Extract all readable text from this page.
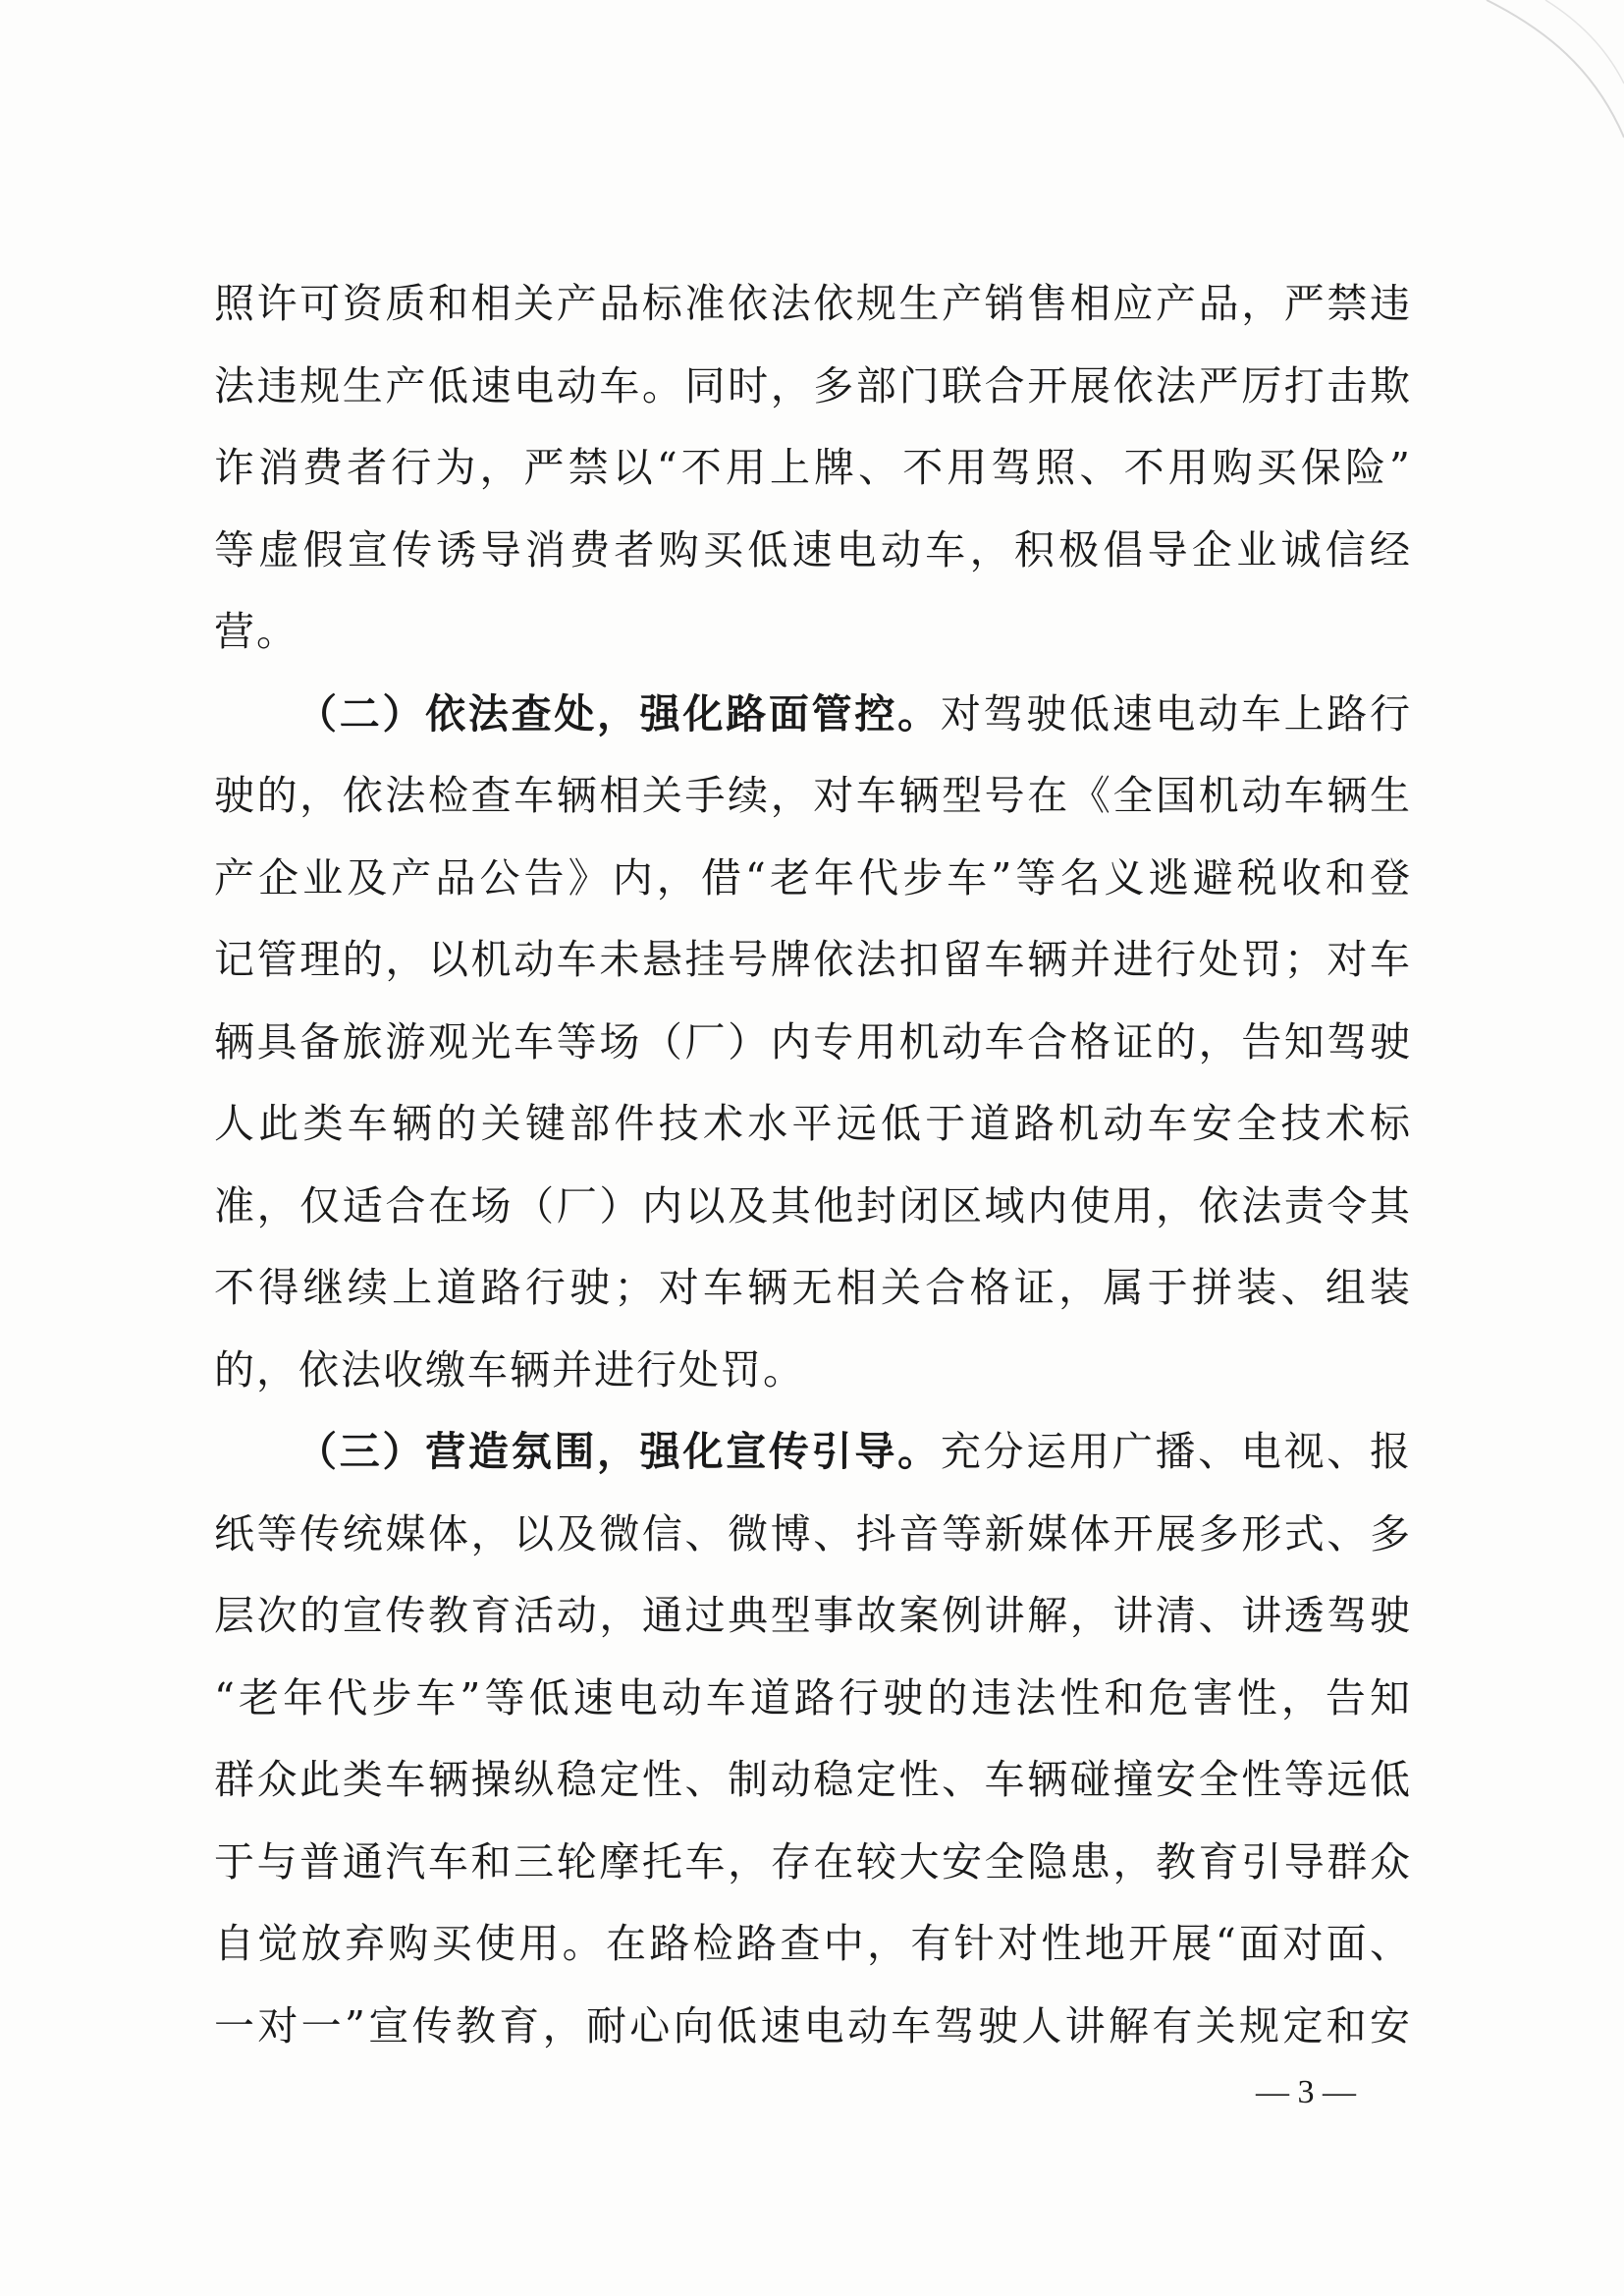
照许可资质和相关产品标准依法依规生产销售相应产品，严禁违
法违规生产低速电动车。同时，多部门联合开展依法严厉打击欺
诈消费者行为，严禁以“不用上牌、不用驾照、不用购买保险”
等虚假宣传诱导消费者购买低速电动车，积极倡导企业诚信经
营。
（二）依法查处，强化路面管控。对驾驶低速电动车上路行
驶的，依法检查车辆相关手续，对车辆型号在《全国机动车辆生
产企业及产品公告》内，借“老年代步车”等名义逃避税收和登
记管理的，以机动车未悬挂号牌依法扣留车辆并进行处罚；对车
辆具备旅游观光车等场（厂）内专用机动车合格证的，告知驾驶
人此类车辆的关键部件技术水平远低于道路机动车安全技术标
准，仅适合在场（厂）内以及其他封闭区域内使用，依法责令其
不得继续上道路行驶；对车辆无相关合格证，属于拼装、组装
的，依法收缴车辆并进行处罚。
（三）营造氛围，强化宣传引导。充分运用广播、电视、报
纸等传统媒体，以及微信、微博、抖音等新媒体开展多形式、多
层次的宣传教育活动，通过典型事故案例讲解，讲清、讲透驾驶
“老年代步车”等低速电动车道路行驶的违法性和危害性，告知
群众此类车辆操纵稳定性、制动稳定性、车辆碰撞安全性等远低
于与普通汽车和三轮摩托车，存在较大安全隐患，教育引导群众
自觉放弃购买使用。在路检路查中，有针对性地开展“面对面、
一对一”宣传教育，耐心向低速电动车驾驶人讲解有关规定和安
— 3 —
